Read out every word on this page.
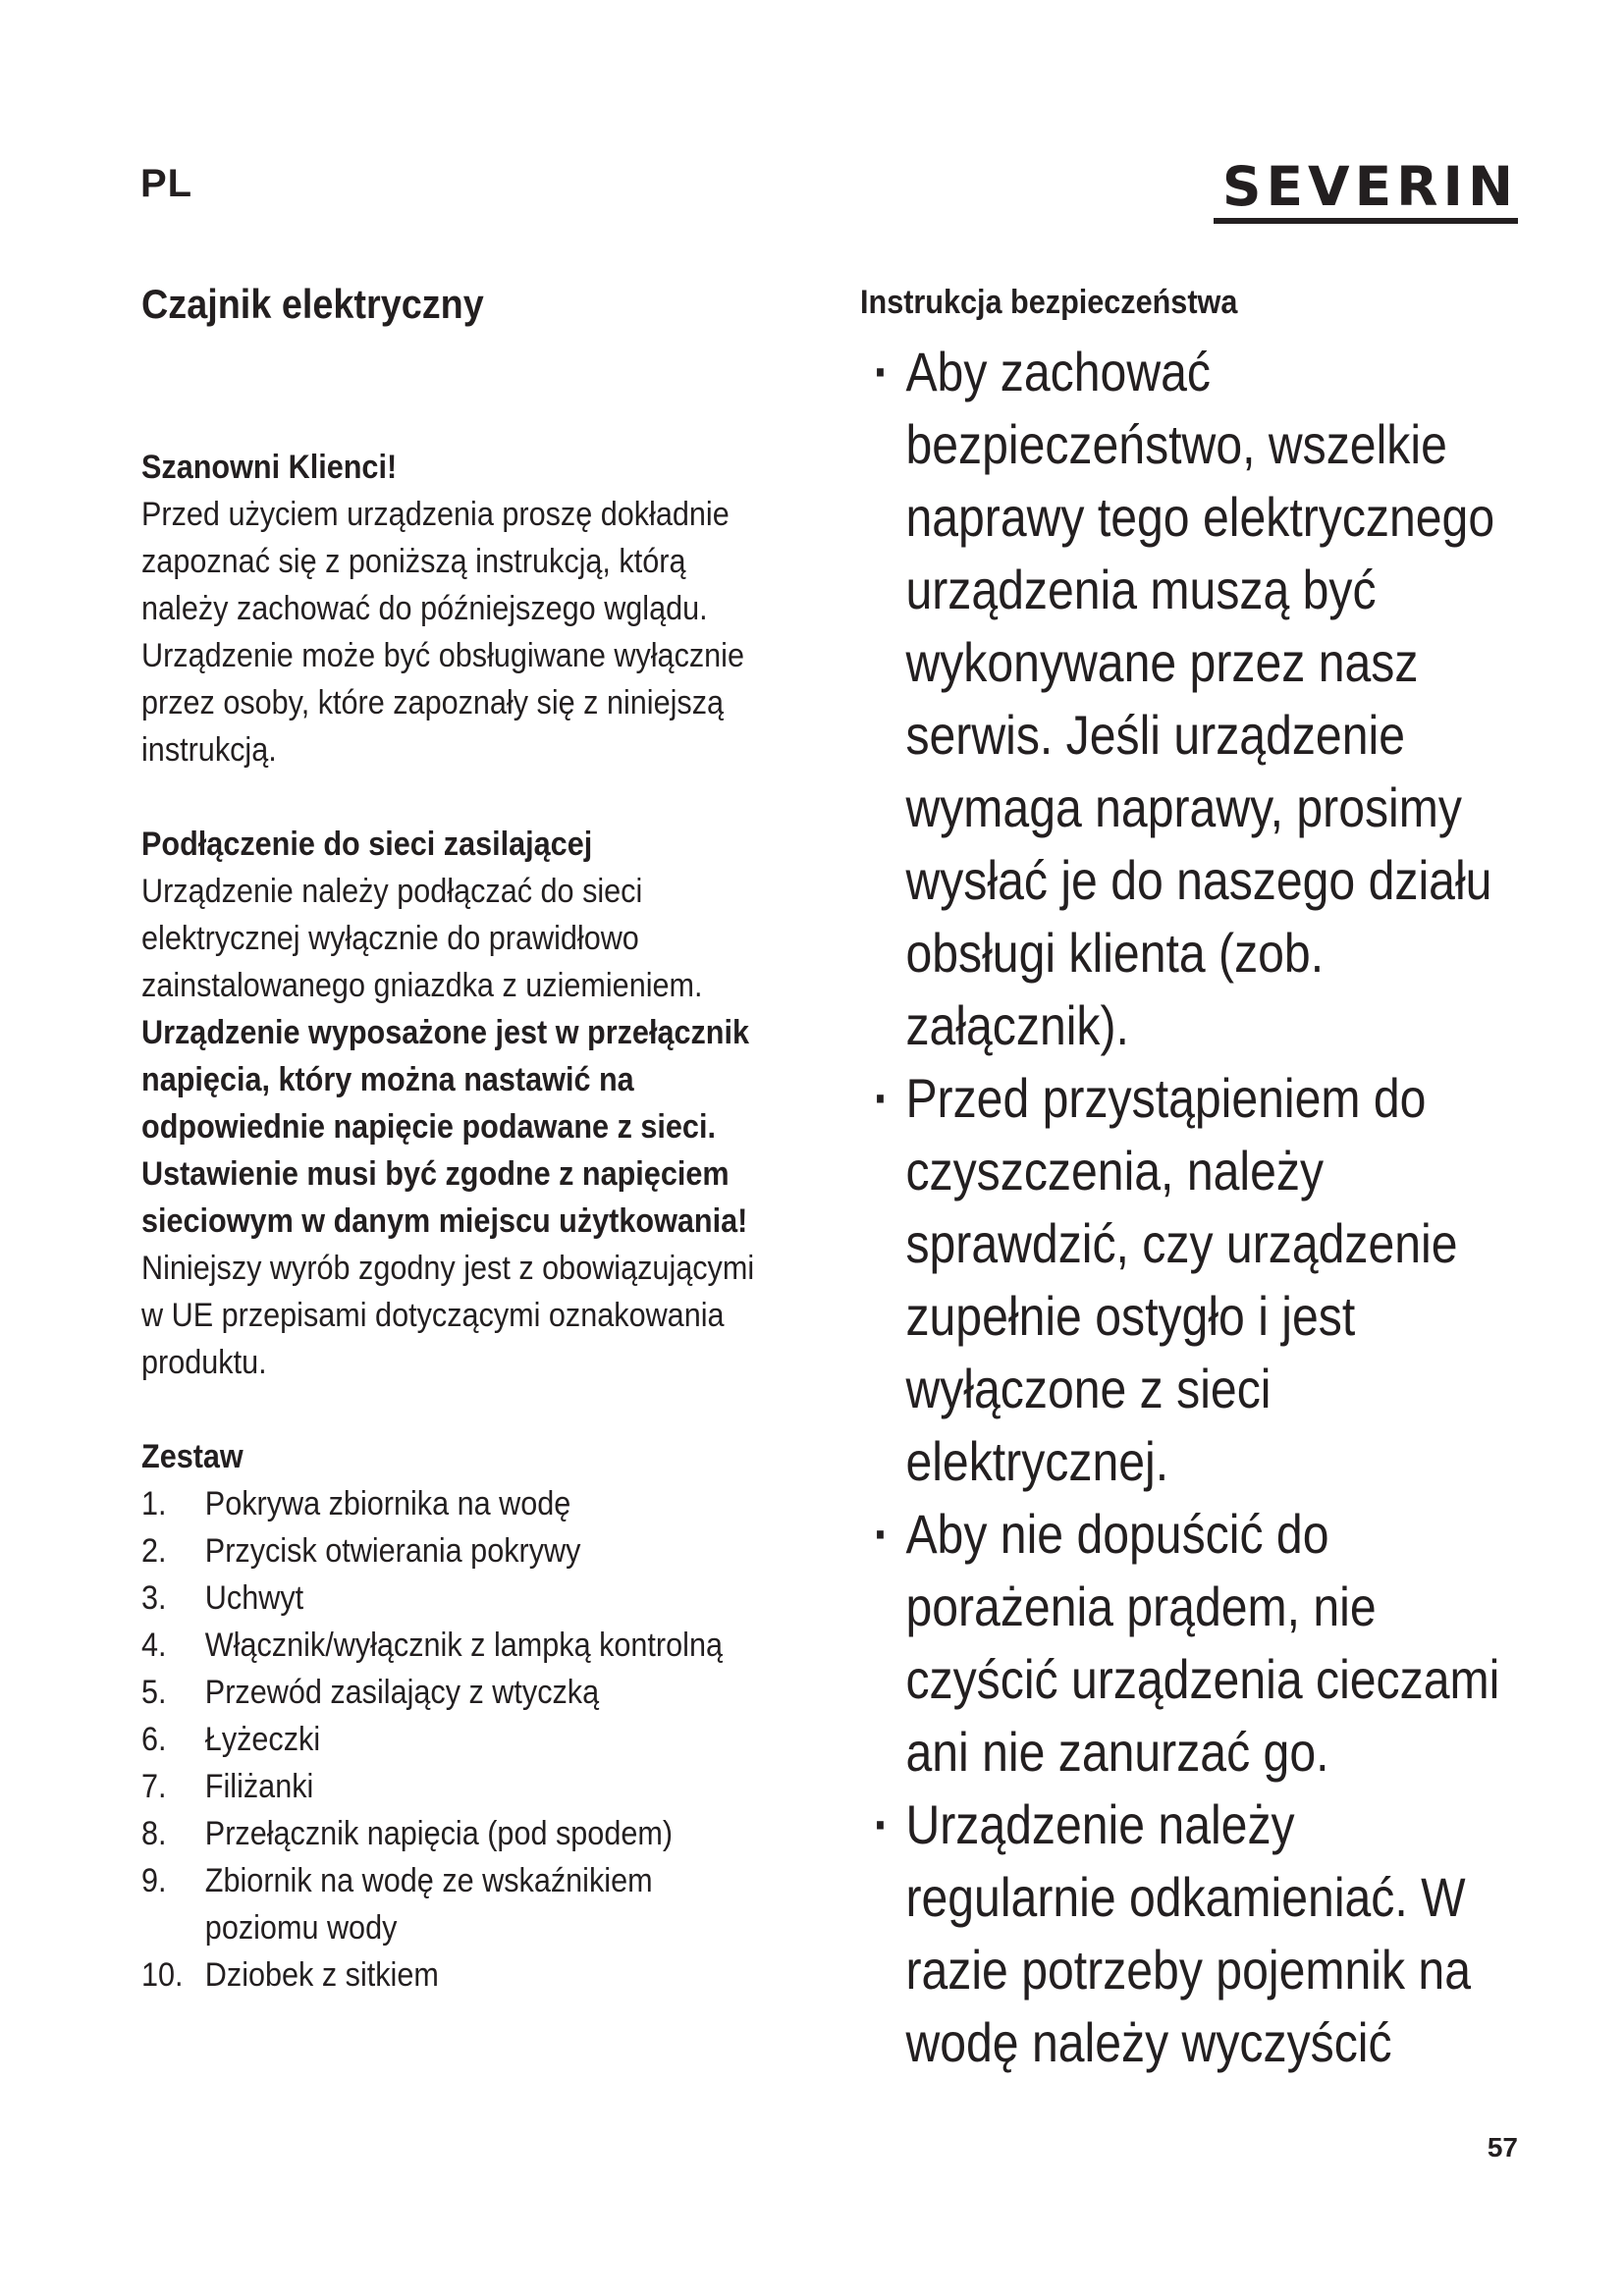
PL	SEVERIN
Czajnik elektryczny

Szanowni Klienci!

Przed użyciem urządzenia proszę dokładnie zapoznać się z poniższą instrukcją, którą należy zachować do późniejszego wglądu. Urządzenie może być obsługiwane wyłącznie przez osoby, które zapoznały się z niniejszą instrukcją.

Podłączenie do sieci zasilającej

Urządzenie należy podłączać do sieci elektrycznej wyłącznie do prawidłowo zainstalowanego gniazdka z uziemieniem.

Urządzenie wyposażone jest w przełącznik napięcia, który można nastawić na odpowiednie napięcie podawane z sieci. Ustawienie musi być zgodne z napięciem sieciowym w danym miejscu użytkowania!

Niniejszy wyrób zgodny jest z obowiązującymi w UE przepisami dotyczącymi oznakowania produktu.

Zestaw

1.	Pokrywa zbiornika na wodę
2.	Przycisk otwierania pokrywy
3.	Uchwyt
4.	Włącznik/wyłącznik z lampką kontrolną
5.	Przewód zasilający z wtyczką
6.	Łyżeczki
7.	Filiżanki
8.	Przełącznik napięcia (pod spodem)
9.	Zbiornik na wodę ze wskaźnikiem poziomu wody
10. Dziobek z sitkiem

Instrukcja bezpieczeństwa

· Aby zachować bezpieczeństwo, wszelkie naprawy tego elektrycznego urządzenia muszą być wykonywane przez nasz serwis. Jeśli urządzenie wymaga naprawy, prosimy wysłać je do naszego działu obsługi klienta (zob. załącznik).
· Przed przystąpieniem do czyszczenia, należy sprawdzić, czy urządzenie zupełnie ostygło i jest wyłączone z sieci elektrycznej.
· Aby nie dopuścić do porażenia prądem, nie czyścić urządzenia cieczami ani nie zanurzać go.
· Urządzenie należy regularnie odkamieniać. W razie potrzeby pojemnik na wodę należy wyczyścić
57
